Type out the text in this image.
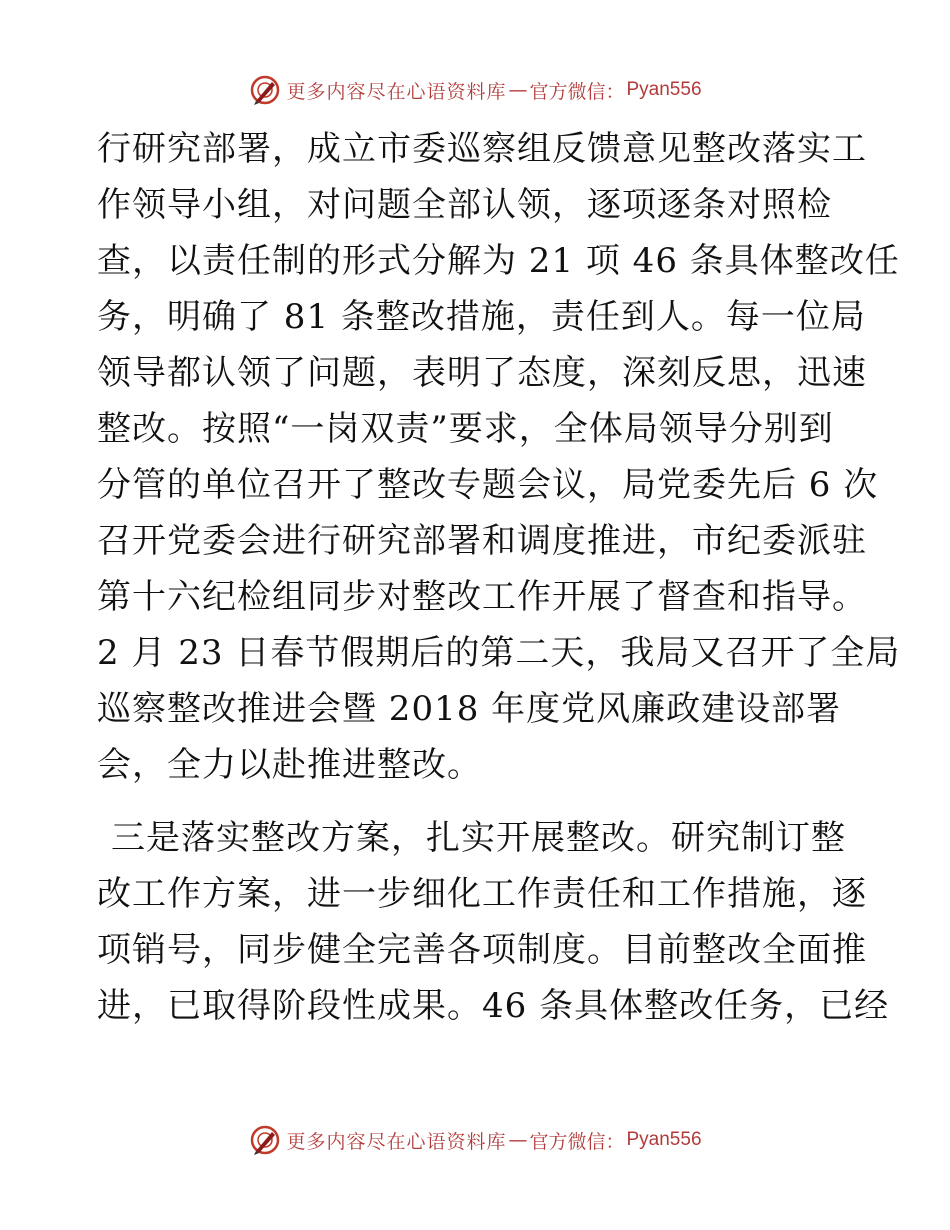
更多内容尽在心语资料库 — 官方微信： Pyan556

行研究部署，成立市委巡察组反馈意见整改落实工
作领导小组，对问题全部认领，逐项逐条对照检
查，以责任制的形式分解为 21 项 46 条具体整改任
务，明确了 81 条整改措施，责任到人。每一位局
领导都认领了问题，表明了态度，深刻反思，迅速
整改。按照“一岗双责”要求，全体局领导分别到
分管的单位召开了整改专题会议，局党委先后 6 次
召开党委会进行研究部署和调度推进，市纪委派驻
第十六纪检组同步对整改工作开展了督查和指导。
2 月 23 日春节假期后的第二天，我局又召开了全局
巡察整改推进会暨 2018 年度党风廉政建设部署
会，全力以赴推进整改。

三是落实整改方案，扎实开展整改。研究制订整
改工作方案，进一步细化工作责任和工作措施，逐
项销号，同步健全完善各项制度。目前整改全面推
进，已取得阶段性成果。46 条具体整改任务，已经

更多内容尽在心语资料库 — 官方微信： Pyan556
